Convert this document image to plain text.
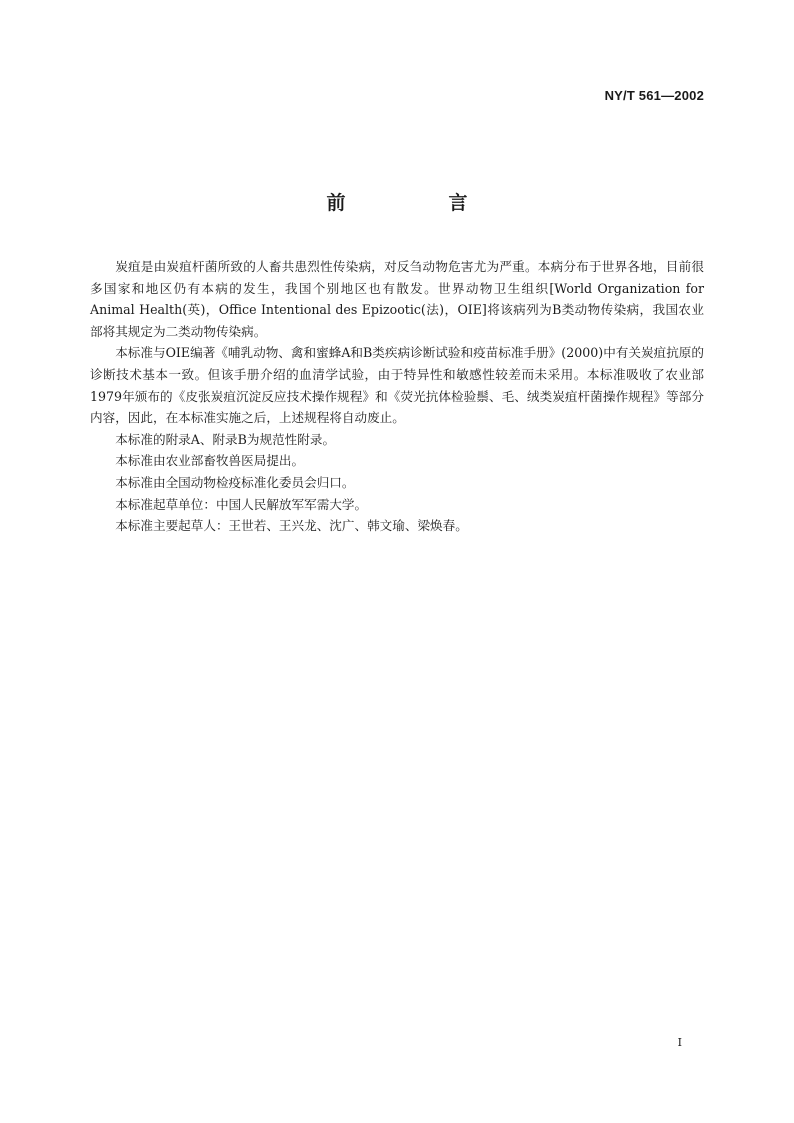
NY/T 561—2002
前　言

炭疽是由炭疽杆菌所致的人畜共患烈性传染病，对反刍动物危害尤为严重。本病分布于世界各地，目前很多国家和地区仍有本病的发生，我国个别地区也有散发。世界动物卫生组织[World Organization for Animal Health(英)，Office Intentional des Epizootic(法)，OIE]将该病列为B类动物传染病，我国农业部将其规定为二类动物传染病。

本标准与OIE编著《哺乳动物、禽和蜜蜂A和B类疾病诊断试验和疫苗标准手册》(2000)中有关炭疽抗原的诊断技术基本一致。但该手册介绍的血清学试验，由于特异性和敏感性较差而未采用。本标准吸收了农业部1979年颁布的《皮张炭疽沉淀反应技术操作规程》和《荧光抗体检验鬃、毛、绒类炭疽杆菌操作规程》等部分内容，因此，在本标准实施之后，上述规程将自动废止。

本标准的附录A、附录B为规范性附录。

本标准由农业部畜牧兽医局提出。

本标准由全国动物检疫标准化委员会归口。

本标准起草单位：中国人民解放军军需大学。

本标准主要起草人：王世若、王兴龙、沈广、韩文瑜、梁焕春。

I
